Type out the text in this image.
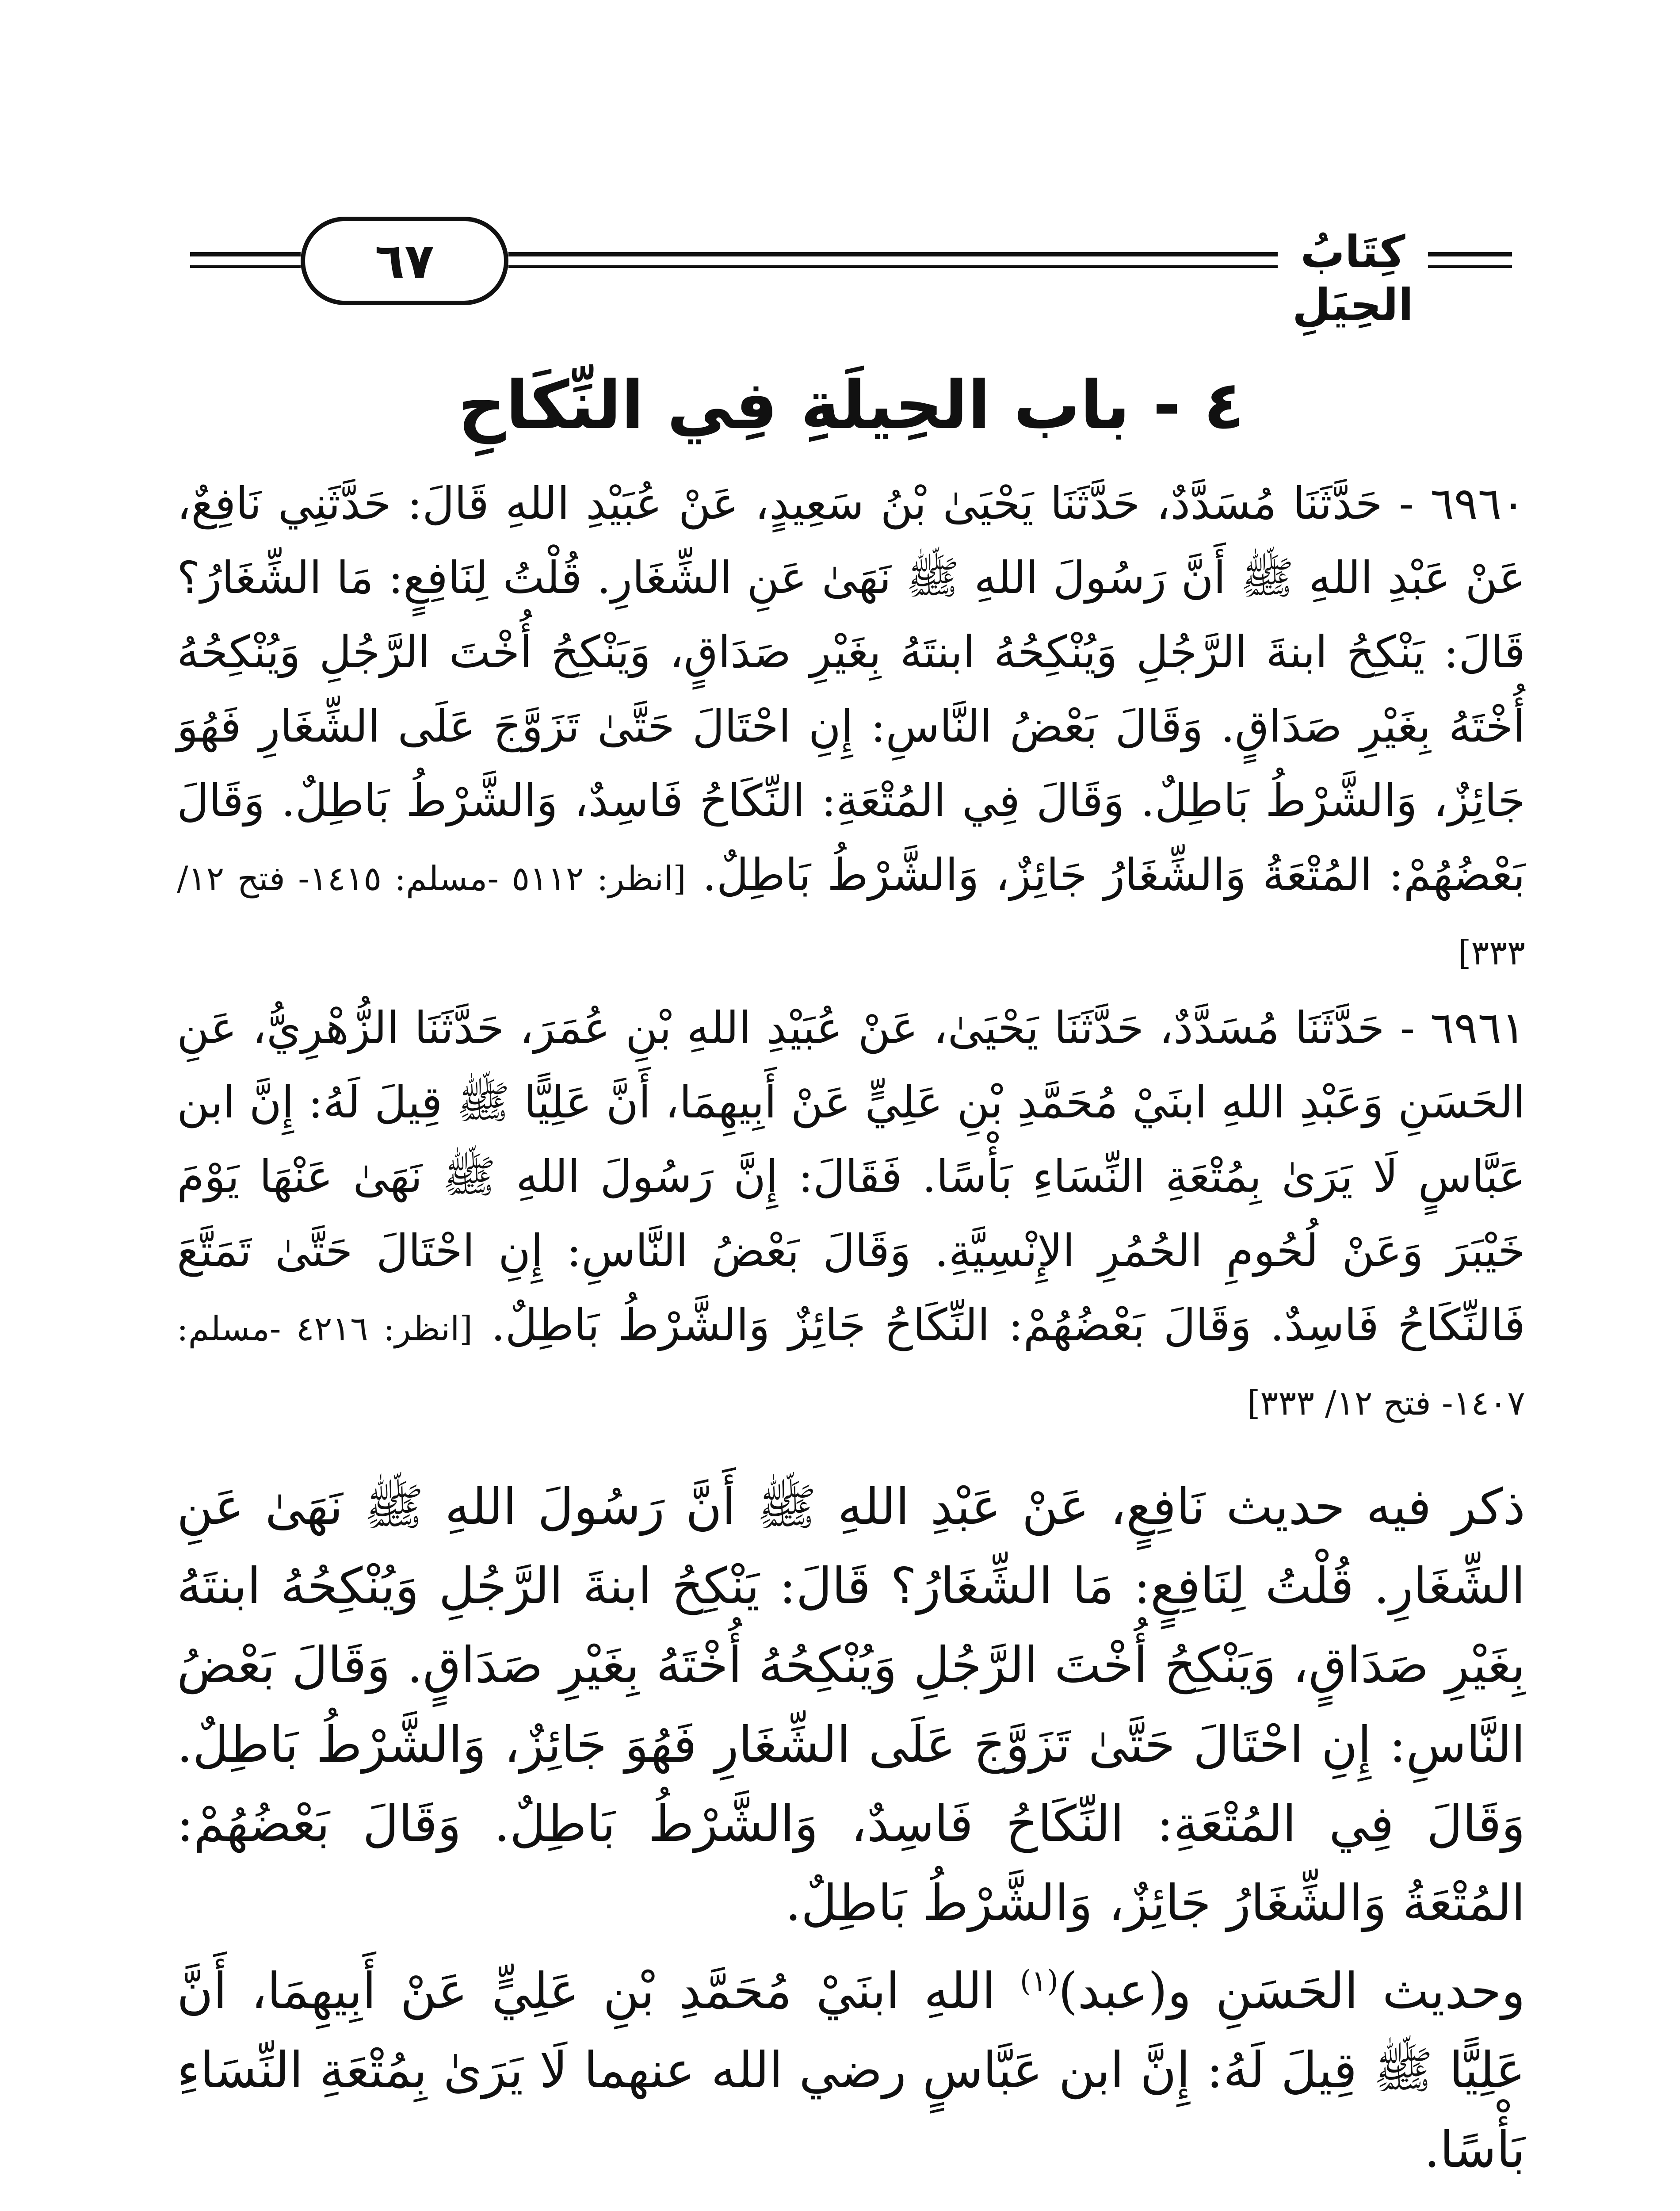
٦٧	كِتَابُ الحِيَلِ
٤ - باب الحِيلَةِ فِي النِّكَاحِ

٦٩٦٠ - حَدَّثَنَا مُسَدَّدٌ، حَدَّثَنَا يَحْيَىٰ بْنُ سَعِيدٍ، عَنْ عُبَيْدِ اللهِ قَالَ: حَدَّثَنِي نَافِعٌ، عَنْ عَبْدِ اللهِ ﷺ أَنَّ رَسُولَ اللهِ ﷺ نَهَىٰ عَنِ الشِّغَارِ. قُلْتُ لِنَافِعٍ: مَا الشِّغَارُ؟ قَالَ: يَنْكِحُ ابنةَ الرَّجُلِ وَيُنْكِحُهُ ابنتَهُ بِغَيْرِ صَدَاقٍ، وَيَنْكِحُ أُخْتَ الرَّجُلِ وَيُنْكِحُهُ أُخْتَهُ بِغَيْرِ صَدَاقٍ. وَقَالَ بَعْضُ النَّاسِ: إِنِ احْتَالَ حَتَّىٰ تَزَوَّجَ عَلَى الشِّغَارِ فَهُوَ جَائِزٌ، وَالشَّرْطُ بَاطِلٌ. وَقَالَ فِي المُتْعَةِ: النِّكَاحُ فَاسِدٌ، وَالشَّرْطُ بَاطِلٌ. وَقَالَ بَعْضُهُمْ: المُتْعَةُ وَالشِّغَارُ جَائِزٌ، وَالشَّرْطُ بَاطِلٌ. [انظر: ٥١١٢ -مسلم: ١٤١٥- فتح ١٢/ ٣٣٣]

٦٩٦١ - حَدَّثَنَا مُسَدَّدٌ، حَدَّثَنَا يَحْيَىٰ، عَنْ عُبَيْدِ اللهِ بْنِ عُمَرَ، حَدَّثَنَا الزُّهْرِيُّ، عَنِ الحَسَنِ وَعَبْدِ اللهِ ابنَيْ مُحَمَّدِ بْنِ عَلِيٍّ عَنْ أَبِيهِمَا، أَنَّ عَلِيًّا ﷺ قِيلَ لَهُ: إِنَّ ابن عَبَّاسٍ لَا يَرَىٰ بِمُتْعَةِ النِّسَاءِ بَأْسًا. فَقَالَ: إِنَّ رَسُولَ اللهِ ﷺ نَهَىٰ عَنْهَا يَوْمَ خَيْبَرَ وَعَنْ لُحُومِ الحُمُرِ الإِنْسِيَّةِ. وَقَالَ بَعْضُ النَّاسِ: إِنِ احْتَالَ حَتَّىٰ تَمَتَّعَ فَالنِّكَاحُ فَاسِدٌ. وَقَالَ بَعْضُهُمْ: النِّكَاحُ جَائِزٌ وَالشَّرْطُ بَاطِلٌ. [انظر: ٤٢١٦ -مسلم: ١٤٠٧- فتح ١٢/ ٣٣٣]

ذكر فيه حديث نَافِعٍ، عَنْ عَبْدِ اللهِ ﷺ أَنَّ رَسُولَ اللهِ ﷺ نَهَىٰ عَنِ الشِّغَارِ. قُلْتُ لِنَافِعٍ: مَا الشِّغَارُ؟ قَالَ: يَنْكِحُ ابنةَ الرَّجُلِ وَيُنْكِحُهُ ابنتَهُ بِغَيْرِ صَدَاقٍ، وَيَنْكِحُ أُخْتَ الرَّجُلِ وَيُنْكِحُهُ أُخْتَهُ بِغَيْرِ صَدَاقٍ. وَقَالَ بَعْضُ النَّاسِ: إِنِ احْتَالَ حَتَّىٰ تَزَوَّجَ عَلَى الشِّغَارِ فَهُوَ جَائِزٌ، وَالشَّرْطُ بَاطِلٌ. وَقَالَ فِي المُتْعَةِ: النِّكَاحُ فَاسِدٌ، وَالشَّرْطُ بَاطِلٌ. وَقَالَ بَعْضُهُمْ: المُتْعَةُ وَالشِّغَارُ جَائِزٌ، وَالشَّرْطُ بَاطِلٌ.

وحديث الحَسَنِ و(عبد)$^{(١)}$ اللهِ ابنَيْ مُحَمَّدِ بْنِ عَلِيٍّ عَنْ أَبِيهِمَا، أَنَّ عَلِيًّا ﷺ قِيلَ لَهُ: إِنَّ ابن عَبَّاسٍ رضي الله عنهما لَا يَرَىٰ بِمُتْعَةِ النِّسَاءِ بَأْسًا.
